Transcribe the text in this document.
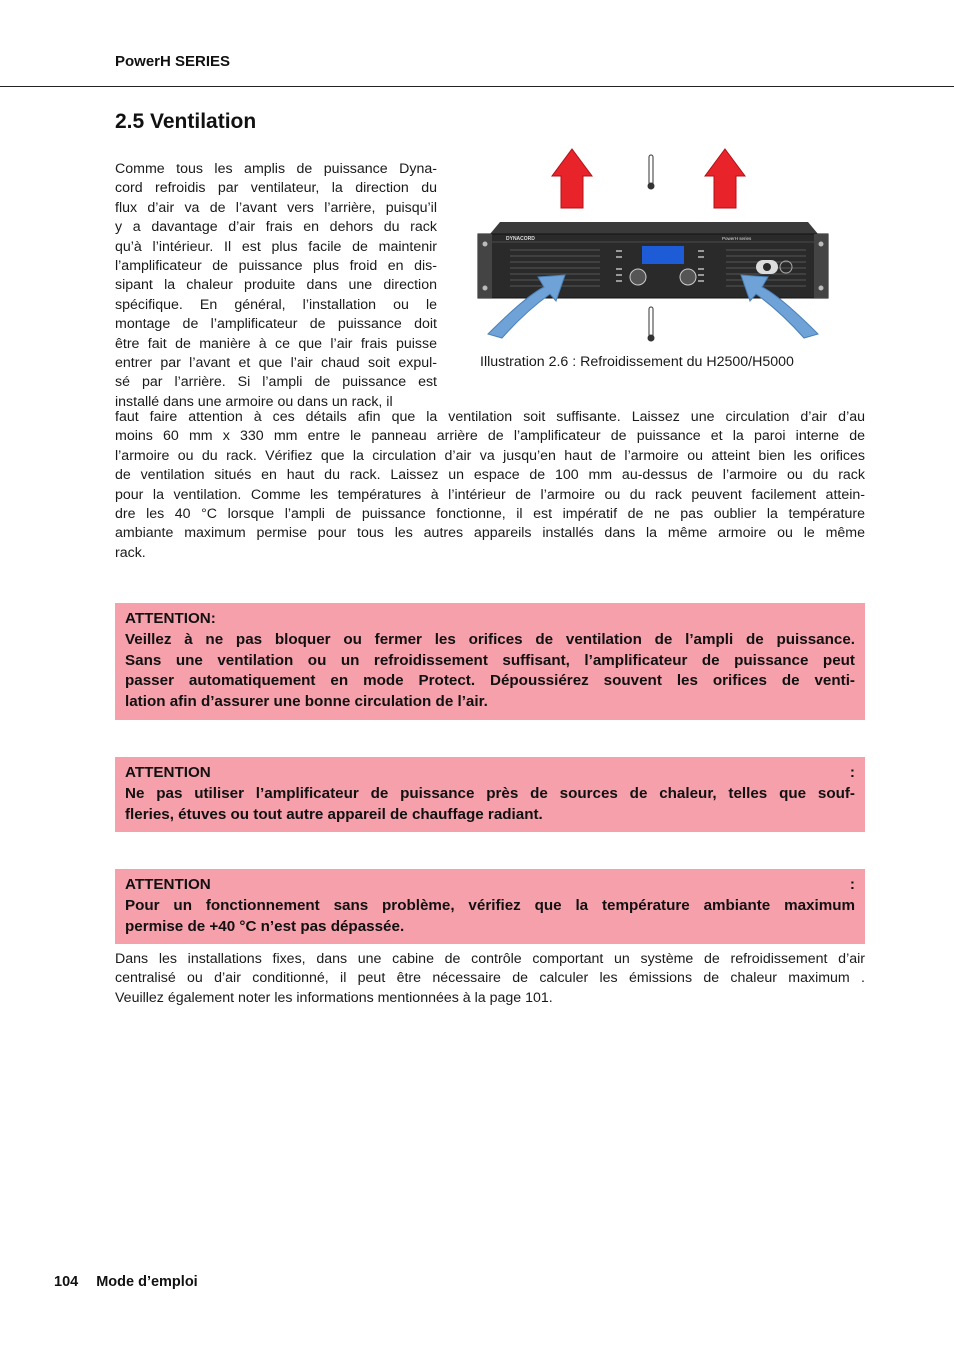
PowerH SERIES
2.5 Ventilation
Comme tous les amplis de puissance Dyna-
cord refroidis par ventilateur, la direction du
flux d’air va de l’avant vers l’arrière, puisqu’il
y a davantage d’air frais en dehors du rack
qu’à l’intérieur. Il est plus facile de maintenir
l’amplificateur de puissance plus froid en dis-
sipant la chaleur produite dans une direction
spécifique. En général, l’installation ou le
montage de l’amplificateur de puissance doit
être fait de manière à ce que l’air frais puisse
entrer par l’avant et que l’air chaud soit expul-
sé par l’arrière. Si l’ampli de puissance est
installé dans une armoire ou dans un rack, il
DYNACORD	PowerH series
Illustration 2.6 : Refroidissement du H2500/H5000
faut faire attention à ces détails afin que la ventilation soit suffisante. Laissez une circulation d’air d’au
moins 60 mm x 330 mm entre le panneau arrière de l’amplificateur de puissance et la paroi interne de
l’armoire ou du rack. Vérifiez que la circulation d’air va jusqu’en haut de l’armoire ou atteint bien les orifices
de ventilation situés en haut du rack. Laissez un espace de 100 mm au-dessus de l’armoire ou du rack
pour la ventilation. Comme les températures à l’intérieur de l’armoire ou du rack peuvent facilement attein-
dre les 40 °C lorsque l’ampli de puissance fonctionne, il est impératif de ne pas oublier la température
ambiante maximum permise pour tous les autres appareils installés dans la même armoire ou le même
rack.
ATTENTION:
Veillez à ne pas bloquer ou fermer les orifices de ventilation de l’ampli de puissance.
Sans une ventilation ou un refroidissement suffisant, l’amplificateur de puissance peut
passer automatiquement en mode Protect. Dépoussiérez souvent les orifices de venti-
lation afin d’assurer une bonne circulation de l’air.
ATTENTION :
Ne pas utiliser l’amplificateur de puissance près de sources de chaleur, telles que souf-
fleries, étuves ou tout autre appareil de chauffage radiant.
ATTENTION :
Pour un fonctionnement sans problème, vérifiez que la température ambiante maximum
permise de +40 °C n’est pas dépassée.
Dans les installations fixes, dans une cabine de contrôle comportant un système de refroidissement d’air
centralisé ou d’air conditionné, il peut être nécessaire de calculer les émissions de chaleur maximum .
Veuillez également noter les informations mentionnées à la page 101.
104 Mode d’emploi
